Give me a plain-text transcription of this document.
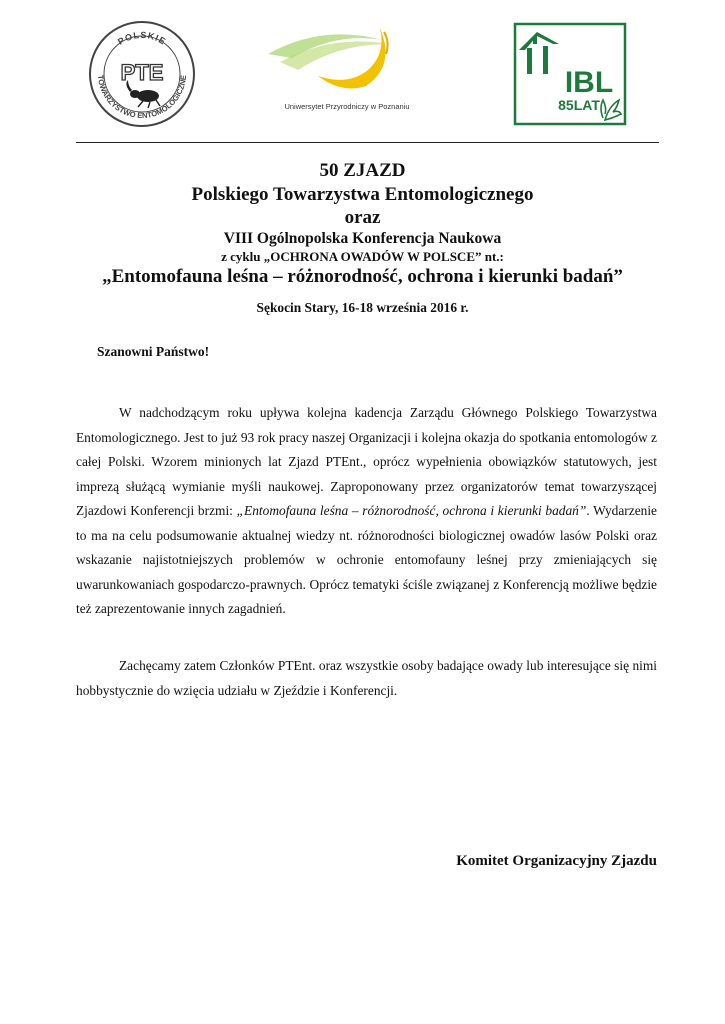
POLSKIE
TOWARZYSTWO ENTOMOLOGICZNE
PTE
Uniwersytet Przyrodniczy w Poznaniu
IBL
85LAT
50 ZJAZD
Polskiego Towarzystwa Entomologicznego
oraz
VIII Ogólnopolska Konferencja Naukowa
z cyklu „OCHRONA OWADÓW W POLSCE” nt.:
„Entomofauna leśna – różnorodność, ochrona i kierunki badań”
Sękocin Stary, 16-18 września 2016 r.
Szanowni Państwo!
W nadchodzącym roku upływa kolejna kadencja Zarządu Głównego Polskiego Towarzystwa Entomologicznego. Jest to już 93 rok pracy naszej Organizacji i kolejna okazja do spotkania entomologów z całej Polski. Wzorem minionych lat Zjazd PTEnt., oprócz wypełnienia obowiązków statutowych, jest imprezą służącą wymianie myśli naukowej. Zaproponowany przez organizatorów temat towarzyszącej Zjazdowi Konferencji brzmi: „Entomofauna leśna – różnorodność, ochrona i kierunki badań”. Wydarzenie to ma na celu podsumowanie aktualnej wiedzy nt. różnorodności biologicznej owadów lasów Polski oraz wskazanie najistotniejszych problemów w ochronie entomofauny leśnej przy zmieniających się uwarunkowaniach gospodarczo-prawnych. Oprócz tematyki ściśle związanej z Konferencją możliwe będzie też zaprezentowanie innych zagadnień.
Zachęcamy zatem Członków PTEnt. oraz wszystkie osoby badające owady lub interesujące się nimi hobbystycznie do wzięcia udziału w Zjeździe i Konferencji.
Komitet Organizacyjny Zjazdu
